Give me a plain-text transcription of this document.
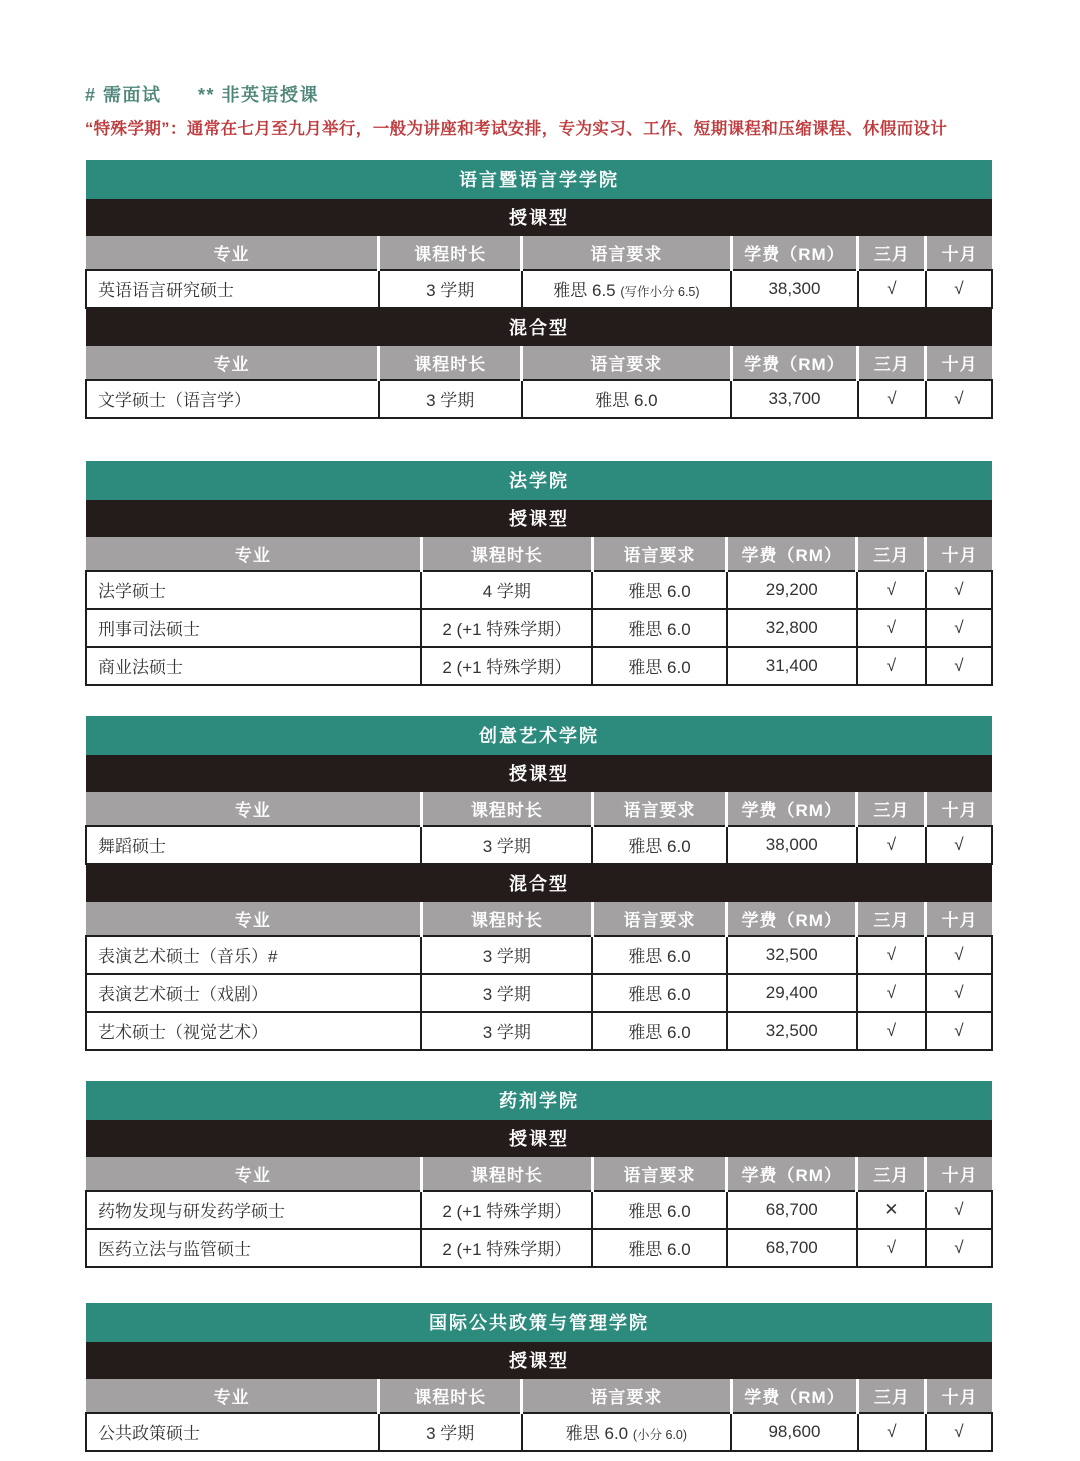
# 需面试 ** 非英语授课
“特殊学期”：通常在七月至九月举行，一般为讲座和考试安排，专为实习、工作、短期课程和压缩课程、休假而设计
语言暨语言学学院					
授课型					
专业	课程时长	语言要求	学费（RM）	三月	十月
英语语言研究硕士	3 学期	雅思 6.5 (写作小分 6.5)	38,300	√	√
混合型					
专业	课程时长	语言要求	学费（RM）	三月	十月
文学硕士（语言学）	3 学期	雅思 6.0	33,700	√	√
法学院					
授课型					
专业	课程时长	语言要求	学费（RM）	三月	十月
法学硕士	4 学期	雅思 6.0	29,200	√	√
刑事司法硕士	2 (+1 特殊学期）	雅思 6.0	32,800	√	√
商业法硕士	2 (+1 特殊学期）	雅思 6.0	31,400	√	√
创意艺术学院					
授课型					
专业	课程时长	语言要求	学费（RM）	三月	十月
舞蹈硕士	3 学期	雅思 6.0	38,000	√	√
混合型					
专业	课程时长	语言要求	学费（RM）	三月	十月
表演艺术硕士（音乐）#	3 学期	雅思 6.0	32,500	√	√
表演艺术硕士（戏剧）	3 学期	雅思 6.0	29,400	√	√
艺术硕士（视觉艺术）	3 学期	雅思 6.0	32,500	√	√
药剂学院					
授课型					
专业	课程时长	语言要求	学费（RM）	三月	十月
药物发现与研发药学硕士	2 (+1 特殊学期）	雅思 6.0	68,700	✕	√
医药立法与监管硕士	2 (+1 特殊学期）	雅思 6.0	68,700	√	√
国际公共政策与管理学院					
授课型					
专业	课程时长	语言要求	学费（RM）	三月	十月
公共政策硕士	3 学期	雅思 6.0 (小分 6.0)	98,600	√	√
